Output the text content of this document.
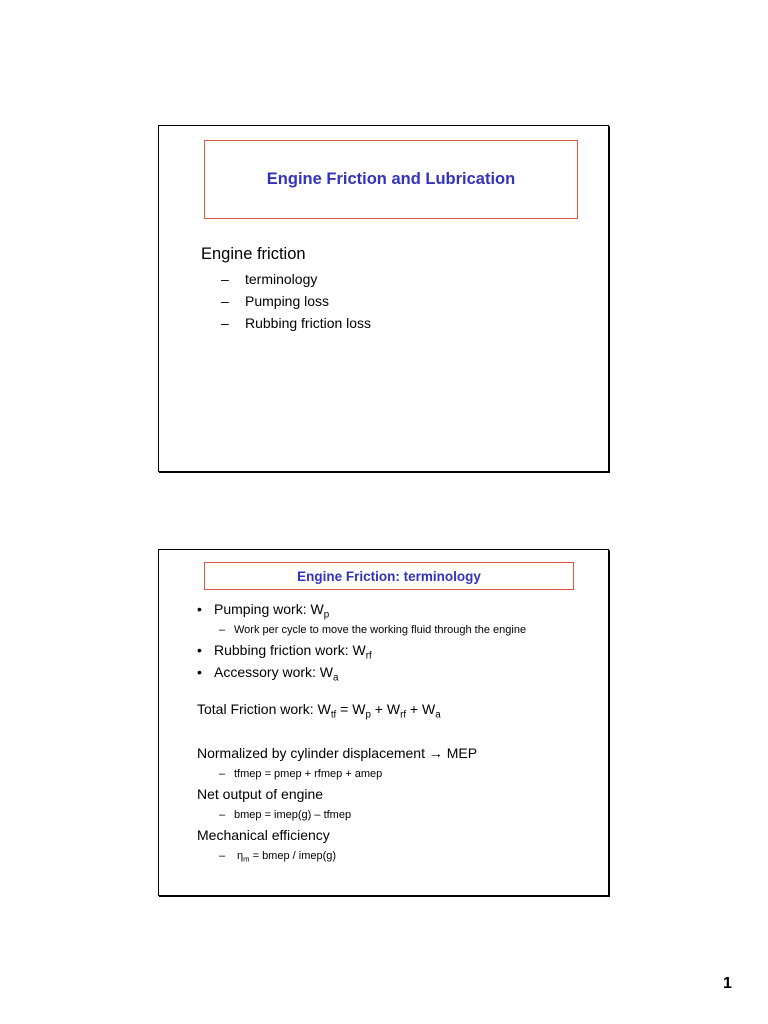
Engine Friction and Lubrication
Engine friction
– terminology
– Pumping loss
– Rubbing friction loss
Engine Friction: terminology
• Pumping work: $W_p$
– Work per cycle to move the working fluid through the engine
• Rubbing friction work: $W_{rf}$
• Accessory work: $W_a$
Total Friction work: $W_{tf} = W_p + W_{rf} + W_a$
Normalized by cylinder displacement → MEP
– tfmep = pmep + rfmep + amep
Net output of engine
– bmep = imep(g) – tfmep
Mechanical efficiency
– $\eta_m$ = bmep / imep(g)
1
